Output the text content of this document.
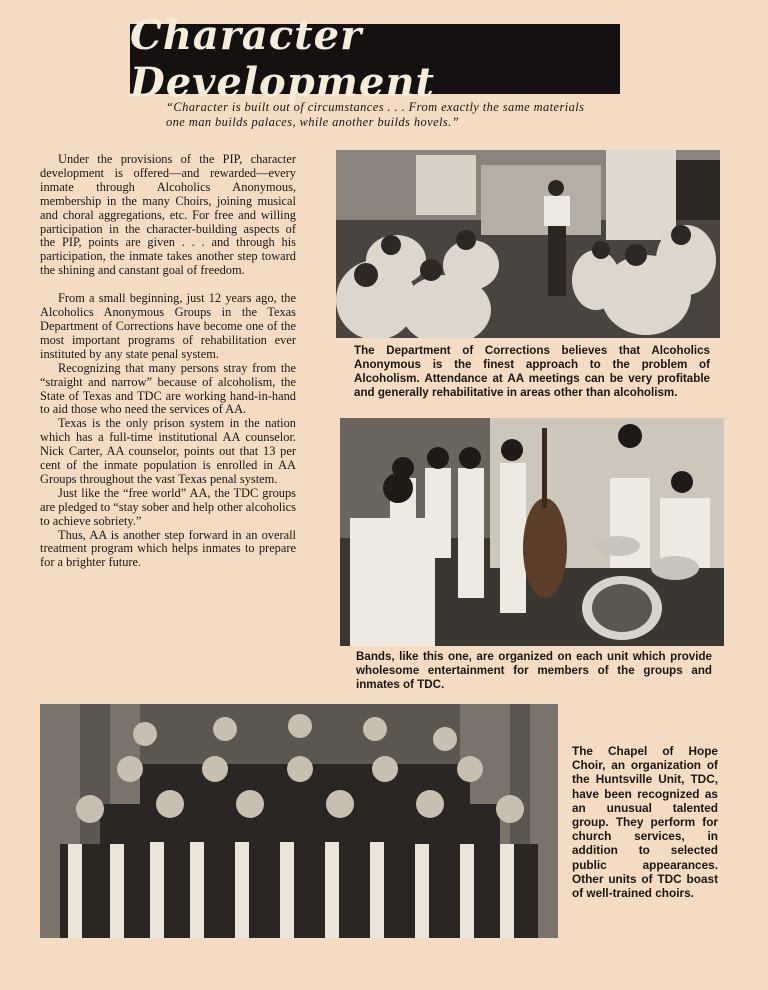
Character Development
“Character is built out of circumstances . . . From exactly the same materials one man builds palaces, while another builds hovels.”

Under the provisions of the PIP, character development is offered—and rewarded—every inmate through Alcoholics Anonymous, membership in the many Choirs, joining musical and choral aggregations, etc. For free and willing participation in the character-building aspects of the PIP, points are given . . . and through his participation, the inmate takes another step toward the shining and canstant goal of freedom.

From a small beginning, just 12 years ago, the Alcoholics Anonymous Groups in the Texas Department of Corrections have become one of the most important programs of rehabilitation ever instituted by any state penal system.

Recognizing that many persons stray from the “straight and narrow” because of alcoholism, the State of Texas and TDC are working hand-in-hand to aid those who need the services of AA.

Texas is the only prison system in the nation which has a full-time institutional AA counselor. Nick Carter, AA counselor, points out that 13 per cent of the inmate population is enrolled in AA Groups throughout the vast Texas penal system.

Just like the “free world” AA, the TDC groups are pledged to “stay sober and help other alcoholics to achieve sobriety.”

Thus, AA is another step forward in an overall treatment program which helps inmates to prepare for a brighter future.

The Department of Corrections believes that Alcoholics Anonymous is the finest approach to the problem of Alcoholism. Attendance at AA meetings can be very profitable and generally rehabilitative in areas other than alcoholism.
Bands, like this one, are organized on each unit which provide wholesome entertainment for members of the groups and inmates of TDC.
The Chapel of Hope Choir, an organization of the Huntsville Unit, TDC, have been recognized as an unusual talented group. They perform for church services, in addition to selected public appearances. Other units of TDC boast of well-trained choirs.
